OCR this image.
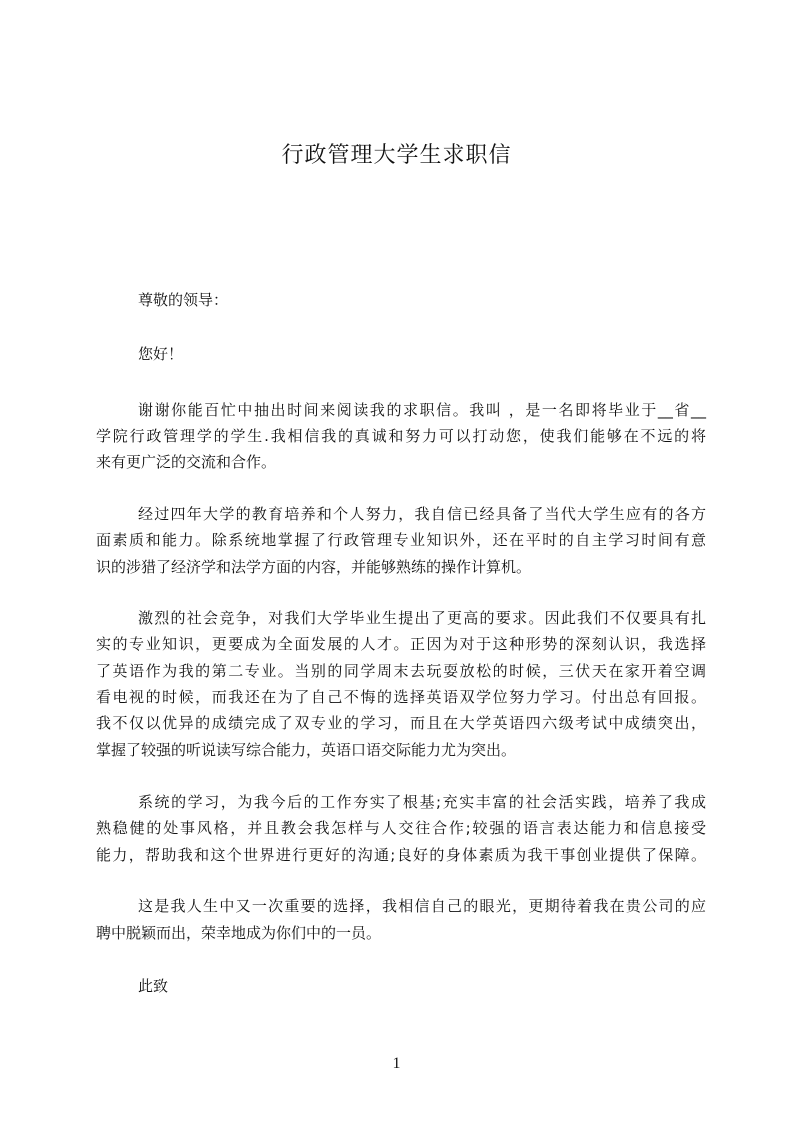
行政管理大学生求职信
尊敬的领导：
您好！
谢谢你能百忙中抽出时间来阅读我的求职信。我叫 ，是一名即将毕业于__省__
学院行政管理学的学生.我相信我的真诚和努力可以打动您，使我们能够在不远的将
来有更广泛的交流和合作。
经过四年大学的教育培养和个人努力，我自信已经具备了当代大学生应有的各方
面素质和能力。除系统地掌握了行政管理专业知识外，还在平时的自主学习时间有意
识的涉猎了经济学和法学方面的内容，并能够熟练的操作计算机。
激烈的社会竞争，对我们大学毕业生提出了更高的要求。因此我们不仅要具有扎
实的专业知识，更要成为全面发展的人才。正因为对于这种形势的深刻认识，我选择
了英语作为我的第二专业。当别的同学周末去玩耍放松的时候，三伏天在家开着空调
看电视的时候，而我还在为了自己不悔的选择英语双学位努力学习。付出总有回报。
我不仅以优异的成绩完成了双专业的学习，而且在大学英语四六级考试中成绩突出，
掌握了较强的听说读写综合能力，英语口语交际能力尤为突出。
系统的学习，为我今后的工作夯实了根基;充实丰富的社会活实践，培养了我成
熟稳健的处事风格，并且教会我怎样与人交往合作;较强的语言表达能力和信息接受
能力，帮助我和这个世界进行更好的沟通;良好的身体素质为我干事创业提供了保障。
这是我人生中又一次重要的选择，我相信自己的眼光，更期待着我在贵公司的应
聘中脱颖而出，荣幸地成为你们中的一员。
此致
1
